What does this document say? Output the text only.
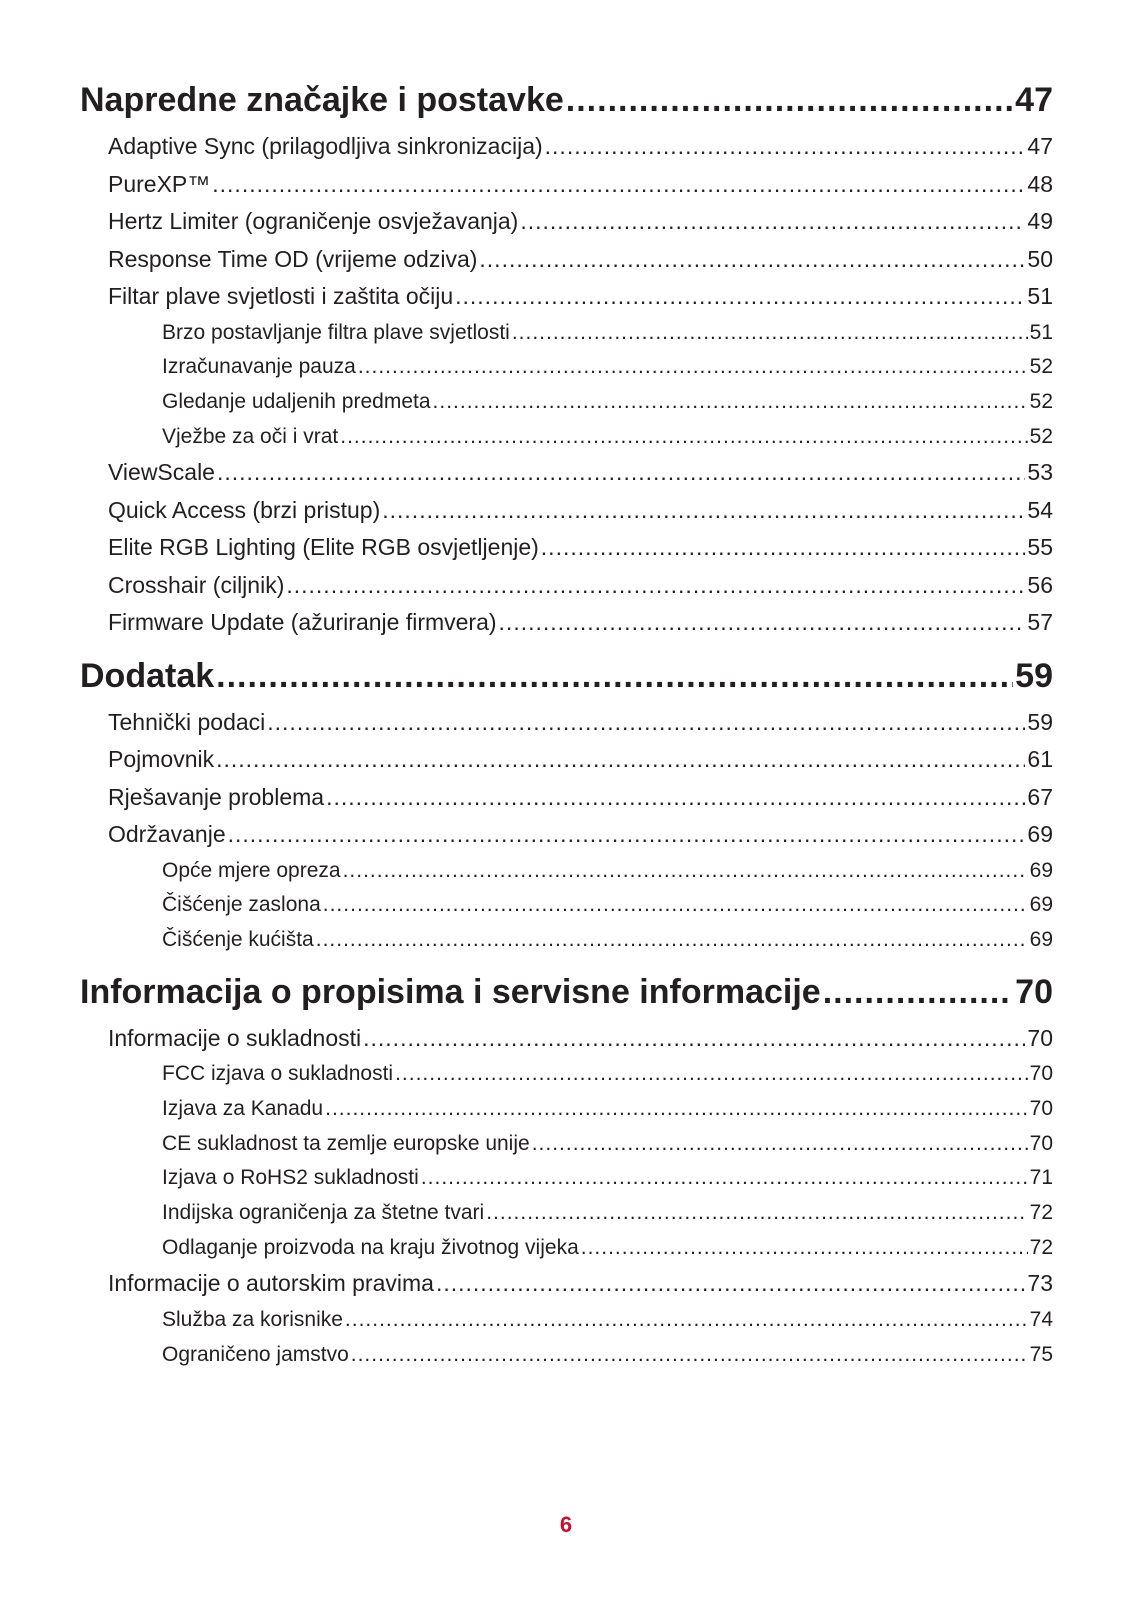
Napredne značajke i postavke .....	47
Adaptive Sync (prilagodljiva sinkronizacija) .....	47
PureXP™ .....	48
Hertz Limiter (ograničenje osvježavanja) .....	49
Response Time OD (vrijeme odziva) .....	50
Filtar plave svjetlosti i zaštita očiju .....	51
Brzo postavljanje filtra plave svjetlosti .....	51
Izračunavanje pauza .....	52
Gledanje udaljenih predmeta .....	52
Vježbe za oči i vrat .....	52
ViewScale .....	53
Quick Access (brzi pristup) .....	54
Elite RGB Lighting (Elite RGB osvjetljenje) .....	55
Crosshair (ciljnik) .....	56
Firmware Update (ažuriranje firmvera) .....	57
Dodatak .....	59
Tehnički podaci .....	59
Pojmovnik .....	61
Rješavanje problema .....	67
Održavanje .....	69
Opće mjere opreza .....	69
Čišćenje zaslona .....	69
Čišćenje kućišta .....	69
Informacija o propisima i servisne informacije .....	70
Informacije o sukladnosti .....	70
FCC izjava o sukladnosti .....	70
Izjava za Kanadu .....	70
CE sukladnost ta zemlje europske unije .....	70
Izjava o RoHS2 sukladnosti .....	71
Indijska ograničenja za štetne tvari .....	72
Odlaganje proizvoda na kraju životnog vijeka .....	72
Informacije o autorskim pravima .....	73
Služba za korisnike .....	74
Ograničeno jamstvo .....	75
6
